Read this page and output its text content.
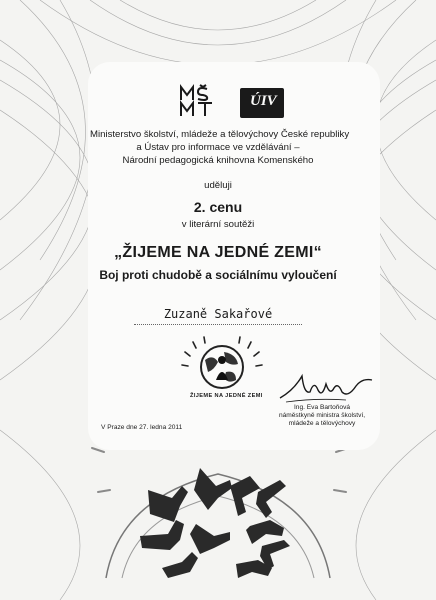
ÚIV
Ministerstvo školství, mládeže a tělovýchovy České republiky
a Ústav pro informace ve vzdělávání –
Národní pedagogická knihovna Komenského
uděluji
2. cenu
v literární soutěži
„ŽIJEME NA JEDNÉ ZEMI“
Boj proti chudobě a sociálnímu vyloučení
Zuzaně Sakařové
ŽIJEME NA JEDNÉ ZEMI
Ing. Eva Bartoňová
náměstkyně ministra školství,
mládeže a tělovýchovy
V Praze dne 27. ledna 2011
